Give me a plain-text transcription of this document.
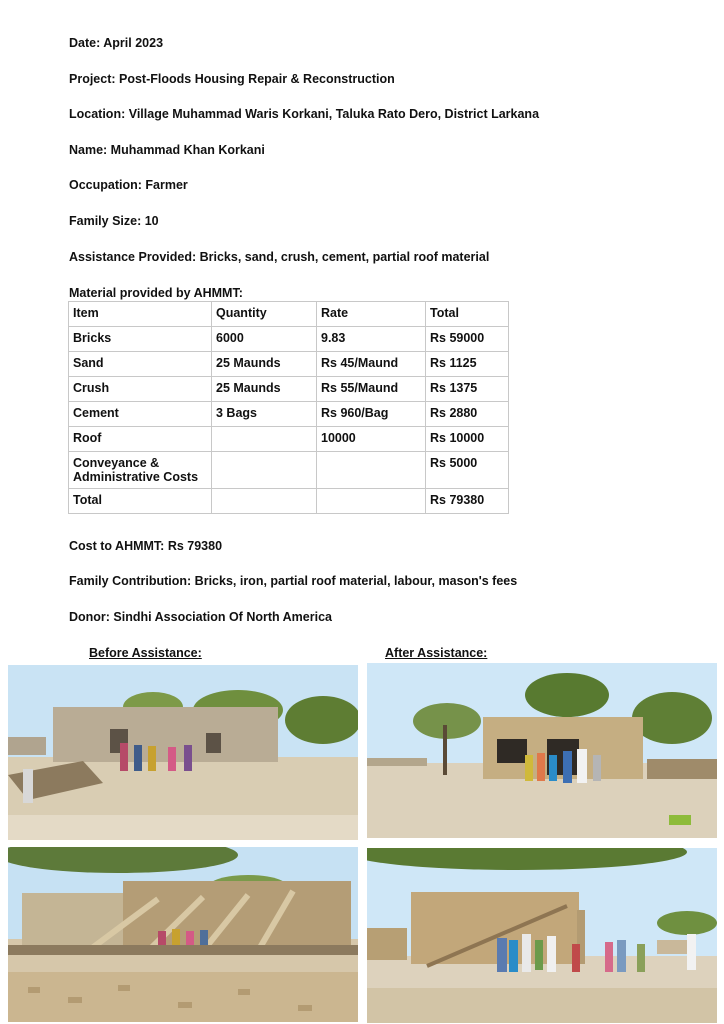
Date: April 2023
Project: Post-Floods Housing Repair & Reconstruction
Location: Village Muhammad Waris Korkani, Taluka Rato Dero, District Larkana
Name: Muhammad Khan Korkani
Occupation: Farmer
Family Size: 10
Assistance Provided: Bricks, sand, crush, cement, partial roof material
Material provided by AHMMT:
Item	Quantity	Rate	Total
Bricks	6000	9.83	Rs 59000
Sand	25 Maunds	Rs 45/Maund	Rs 1125
Crush	25 Maunds	Rs 55/Maund	Rs 1375
Cement	3 Bags	Rs 960/Bag	Rs 2880
Roof		10000	Rs 10000
Conveyance & Administrative Costs			Rs 5000
Total			Rs 79380
Cost to AHMMT: Rs 79380
Family Contribution: Bricks, iron, partial roof material, labour, mason's fees
Donor: Sindhi Association Of North America
Before Assistance:	After Assistance:
